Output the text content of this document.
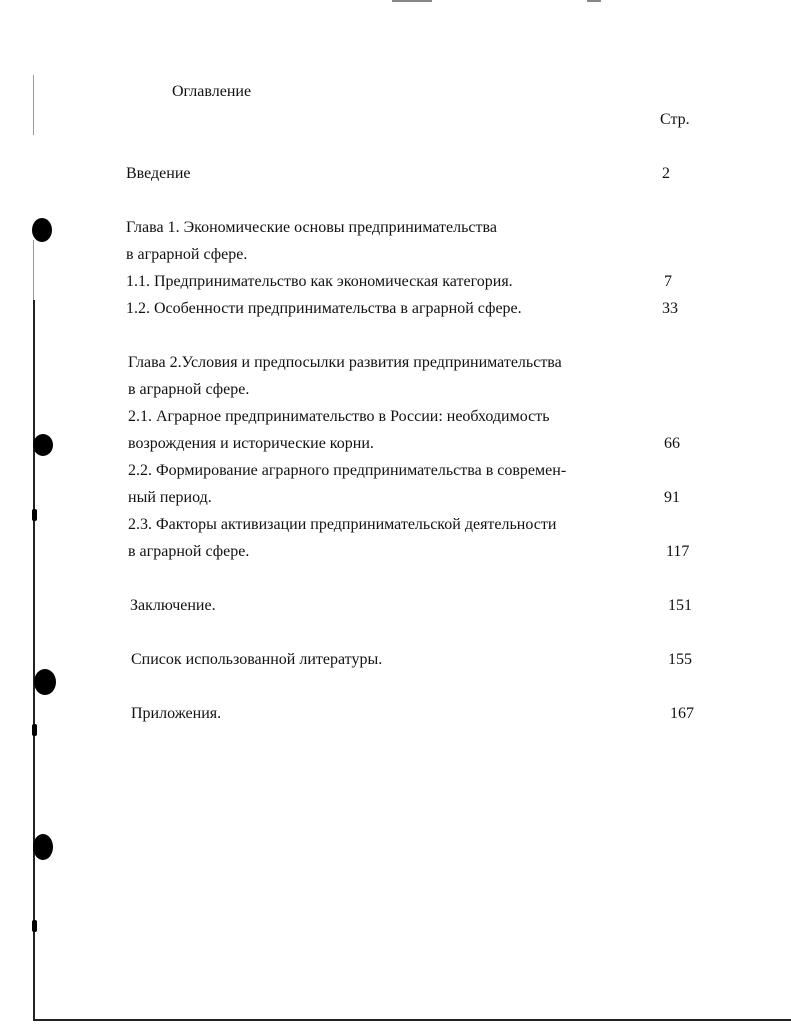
Оглавление
Стр.
Введение	2
Глава 1. Экономические основы предпринимательства
в аграрной сфере.
1.1. Предпринимательство как экономическая категория.	7
1.2. Особенности предпринимательства в аграрной сфере.	33
Глава 2.Условия и предпосылки развития предпринимательства
в аграрной сфере.
2.1. Аграрное предпринимательство в России: необходимость
возрождения и исторические корни.	66
2.2. Формирование аграрного предпринимательства в современ-
ный период.	91
2.3. Факторы активизации предпринимательской деятельности
в аграрной сфере.	117
Заключение.	151
Список использованной литературы.	155
Приложения.	167
